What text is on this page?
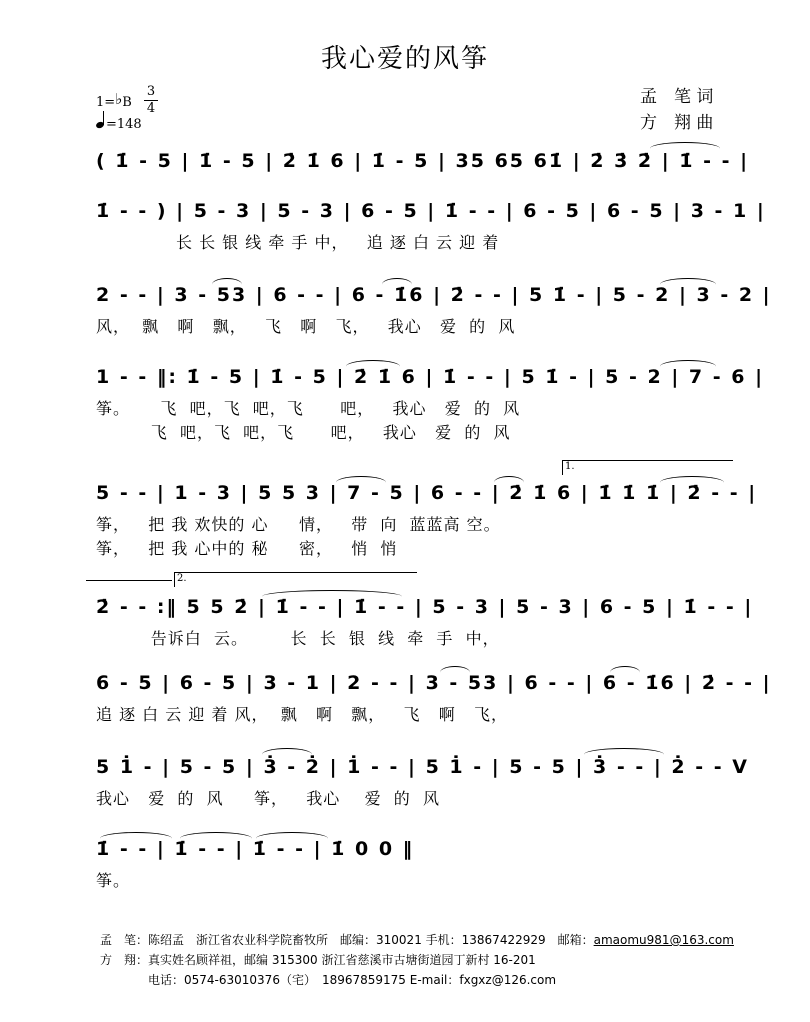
我心爱的风筝
1=♭B
3
4
=148
孟　笔 词
方　翔 曲
( 1̇ - 5 | 1̇ - 5 | 2̇ 1̇ 6 | 1̇ - 5 | 35 65 61̇ | 2̇ 3̇ 2̇ | 1̇ - - |
1̇ - - ) | 5 - 3 | 5 - 3 | 6 - 5 | 1̇ - - | 6 - 5 | 6 - 5 | 3 - 1 |
长 长 银 线 牵 手 中，   追 逐 白 云 迎 着
2 - - | 3 - 53 | 6 - - | 6 - 1̇6 | 2̇ - - | 5 1̇ - | 5 - 2 | 3 - 2 |
风，  飘   啊   飘，   飞   啊   飞，   我心   爱  的  风
1 - - ‖: 1̇ - 5 | 1̇ - 5 | 2̇ 1̇ 6 | 1̇ - - | 5 1̇ - | 5 - 2 | 7 - 6 |
筝。     飞  吧，飞  吧，飞      吧，   我心   爱  的  风
飞  吧，飞  吧，飞      吧，   我心   爱  的  风
1.
5 - - | 1 - 3 | 5 5 3 | 7 - 5 | 6 - - | 2̇ 1̇ 6 | 1̇ 1̇ 1̇ | 2̇ - - |
筝，   把 我 欢快的 心     情，   带  向  蓝蓝高 空。
筝，   把 我 心中的 秘     密，   悄  悄
2.
2̇ - - :‖ 5 5 2̇ | 1̇ - - | 1̇ - - | 5 - 3 | 5 - 3 | 6 - 5 | 1̇ - - |
告诉白  云。       长  长  银  线  牵  手  中，
6 - 5 | 6 - 5 | 3 - 1 | 2 - - | 3 - 53 | 6 - - | 6 - 1̇6 | 2̇ - - |
追 逐 白 云 迎 着 风，  飘   啊   飘，   飞   啊   飞，
5 1̇ - | 5 - 5 | 3̇ - 2̇ | 1̇ - - | 5 1̇ - | 5 - 5 | 3̇ - - | 2̇ - - V
我心   爱  的  风     筝，   我心    爱  的  风
1̇ - - | 1̇ - - | 1̇ - - | 1̇ 0 0 ‖
筝。
孟　笔：陈绍孟　浙江省农业科学院畜牧所　邮编：310021 手机：13867422929　邮箱：amaomu981@163.com
方　翔：真实姓名顾祥祖，邮编 315300 浙江省慈溪市古塘街道园丁新村 16-201
电话：0574-63010376（宅）　18967859175 E-mail：fxgxz@126.com
